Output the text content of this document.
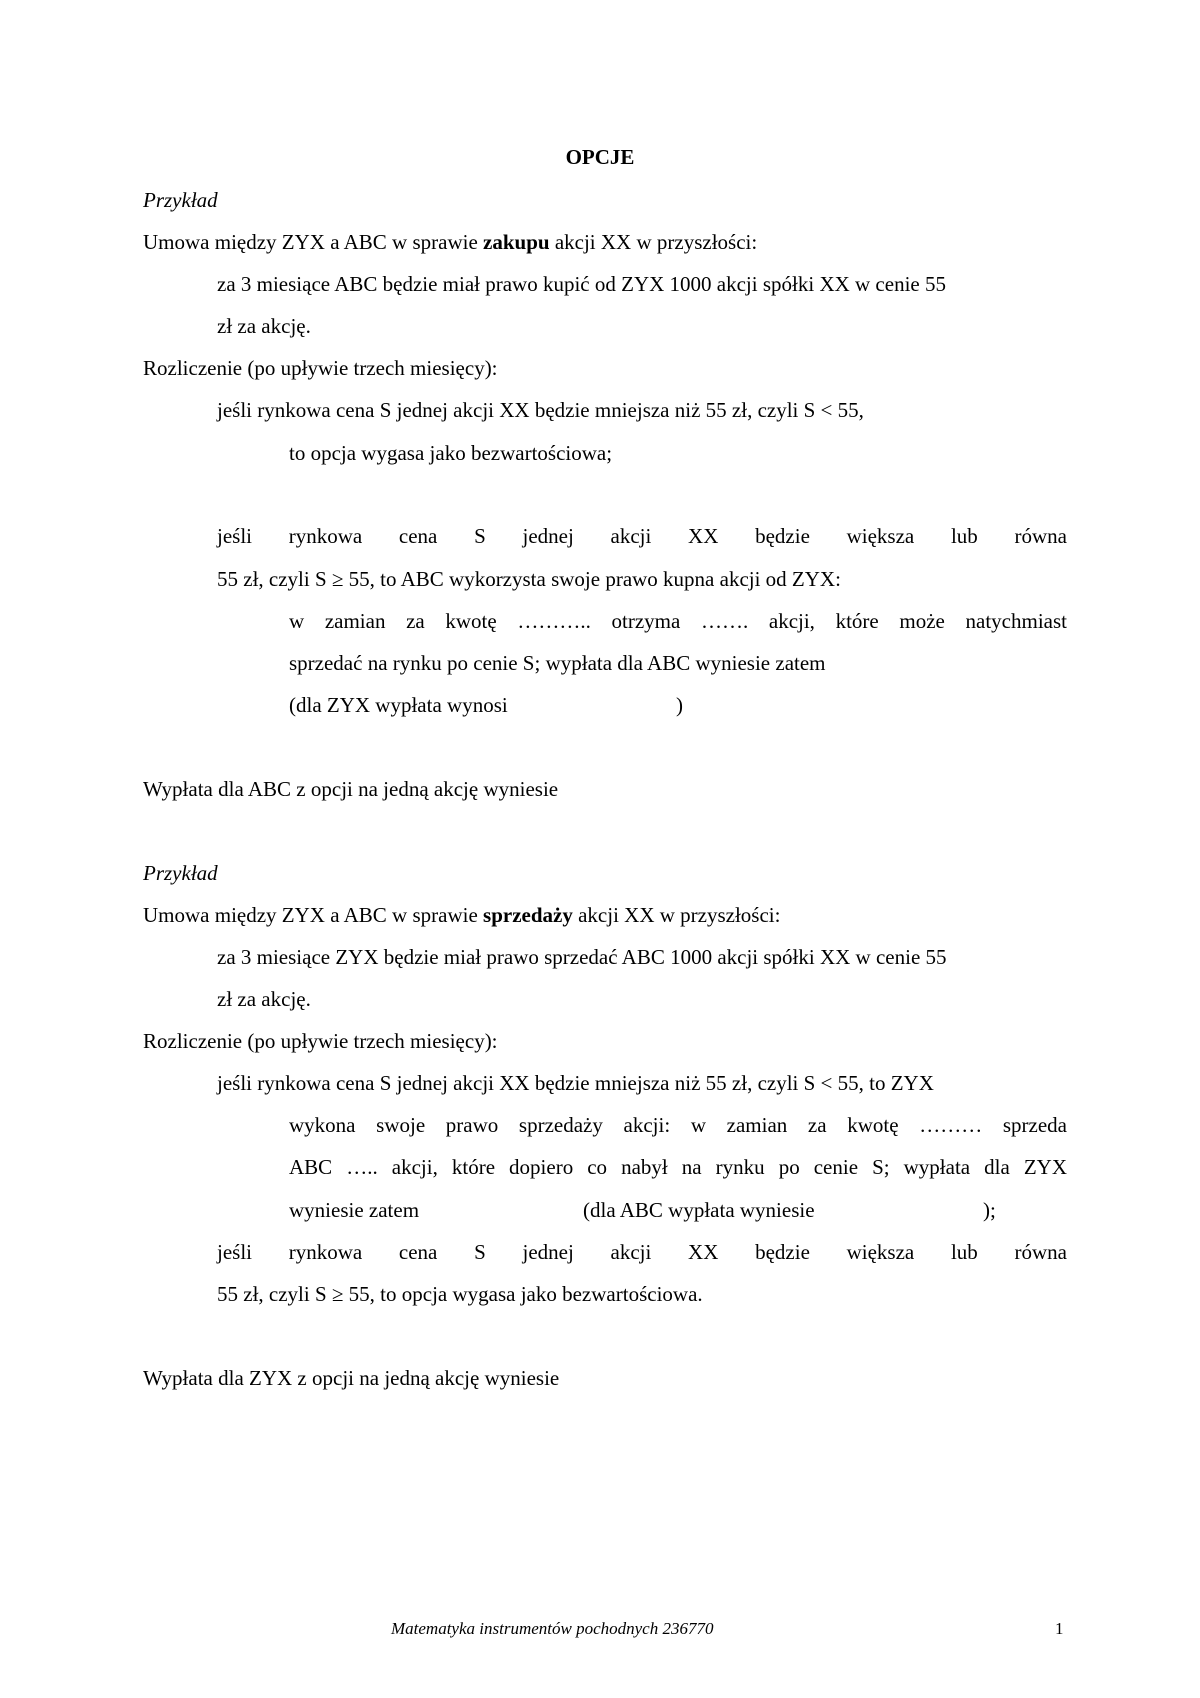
OPCJE
Przykład
Umowa między ZYX a ABC w sprawie zakupu akcji XX w przyszłości:
za 3 miesiące ABC będzie miał prawo kupić od ZYX 1000 akcji spółki XX w cenie 55
zł za akcję.
Rozliczenie (po upływie trzech miesięcy):
jeśli rynkowa cena S jednej akcji XX będzie mniejsza niż 55 zł, czyli S < 55,
to opcja wygasa jako bezwartościowa;
jeśli rynkowa cena S jednej akcji XX będzie większa lub równa
55 zł, czyli S ≥ 55, to ABC wykorzysta swoje prawo kupna akcji od ZYX:
w zamian za kwotę ……….. otrzyma ……. akcji, które może natychmiast
sprzedać na rynku po cenie S; wypłata dla ABC wyniesie zatem
(dla ZYX wypłata wynosi	)
Wypłata dla ABC z opcji na jedną akcję wyniesie
Przykład
Umowa między ZYX a ABC w sprawie sprzedaży akcji XX w przyszłości:
za 3 miesiące ZYX będzie miał prawo sprzedać ABC 1000 akcji spółki XX w cenie 55
zł za akcję.
Rozliczenie (po upływie trzech miesięcy):
jeśli rynkowa cena S jednej akcji XX będzie mniejsza niż 55 zł, czyli S < 55, to ZYX
wykona swoje prawo sprzedaży akcji: w zamian za kwotę ……… sprzeda
ABC ….. akcji, które dopiero co nabył na rynku po cenie S; wypłata dla ZYX
wyniesie zatem	(dla ABC wypłata wyniesie	);
jeśli rynkowa cena S jednej akcji XX będzie większa lub równa
55 zł, czyli S ≥ 55, to opcja wygasa jako bezwartościowa.
Wypłata dla ZYX z opcji na jedną akcję wyniesie
Matematyka instrumentów pochodnych 236770	1
